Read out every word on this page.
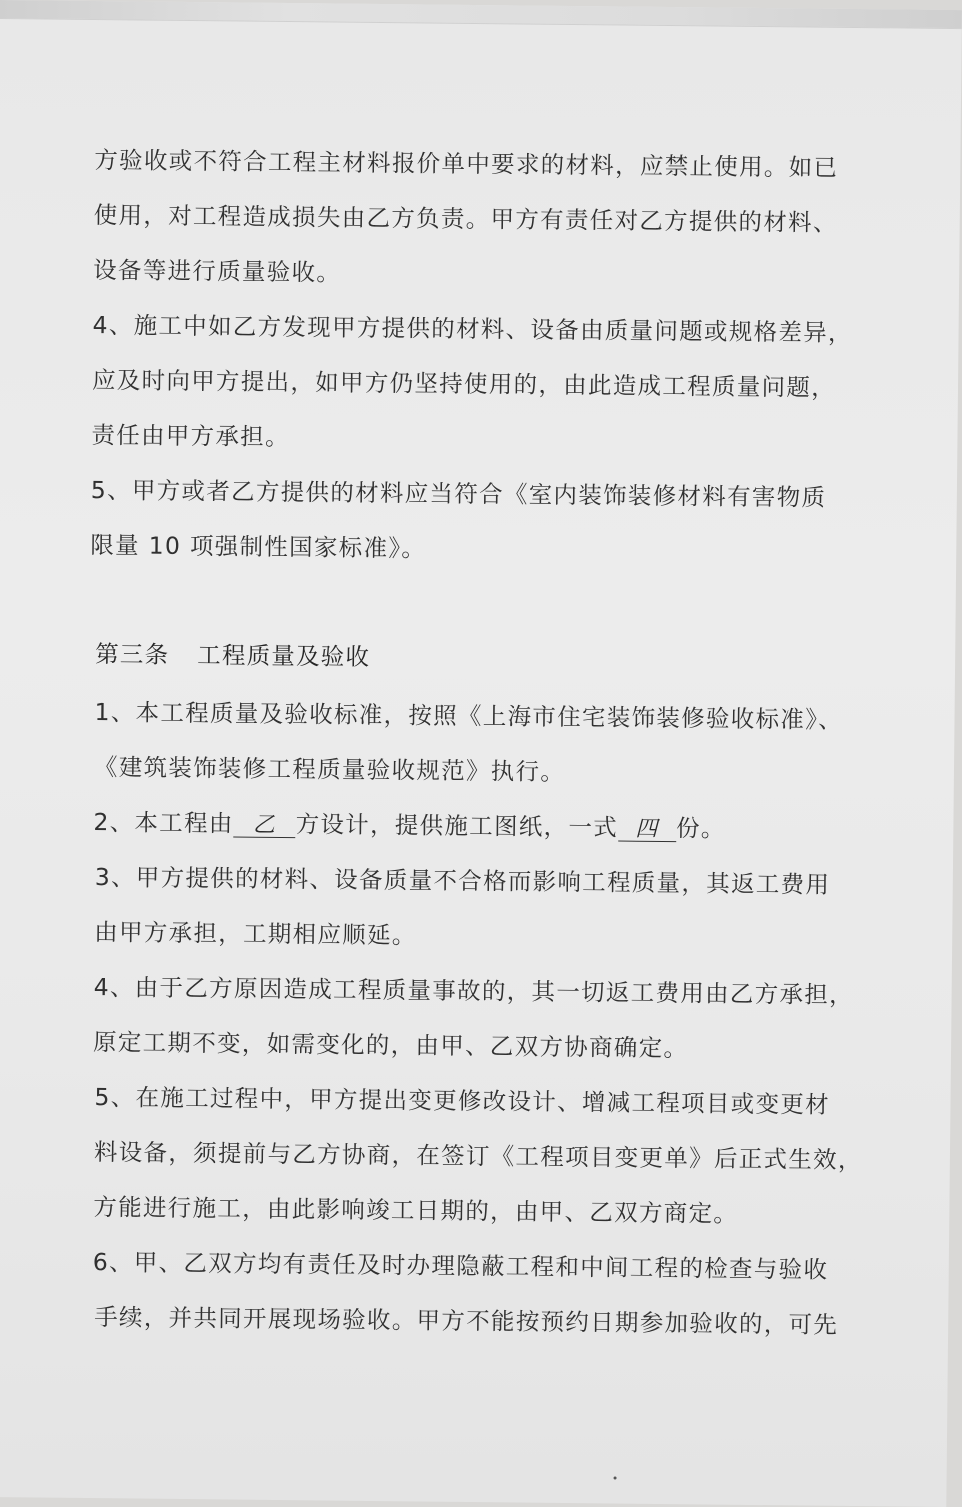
方验收或不符合工程主材料报价单中要求的材料，应禁止使用。如已
使用，对工程造成损失由乙方负责。甲方有责任对乙方提供的材料、
设备等进行质量验收。
4、施工中如乙方发现甲方提供的材料、设备由质量问题或规格差异，
应及时向甲方提出，如甲方仍坚持使用的，由此造成工程质量问题，
责任由甲方承担。
5、甲方或者乙方提供的材料应当符合《室内装饰装修材料有害物质
限量 10 项强制性国家标准》。
第三条 工程质量及验收
1、本工程质量及验收标准，按照《上海市住宅装饰装修验收标准》、
《建筑装饰装修工程质量验收规范》执行。
2、本工程由 乙 方设计，提供施工图纸，一式 四 份。
3、甲方提供的材料、设备质量不合格而影响工程质量，其返工费用
由甲方承担，工期相应顺延。
4、由于乙方原因造成工程质量事故的，其一切返工费用由乙方承担，
原定工期不变，如需变化的，由甲、乙双方协商确定。
5、在施工过程中，甲方提出变更修改设计、增减工程项目或变更材
料设备，须提前与乙方协商，在签订《工程项目变更单》后正式生效，
方能进行施工，由此影响竣工日期的，由甲、乙双方商定。
6、甲、乙双方均有责任及时办理隐蔽工程和中间工程的检查与验收
手续，并共同开展现场验收。甲方不能按预约日期参加验收的，可先
